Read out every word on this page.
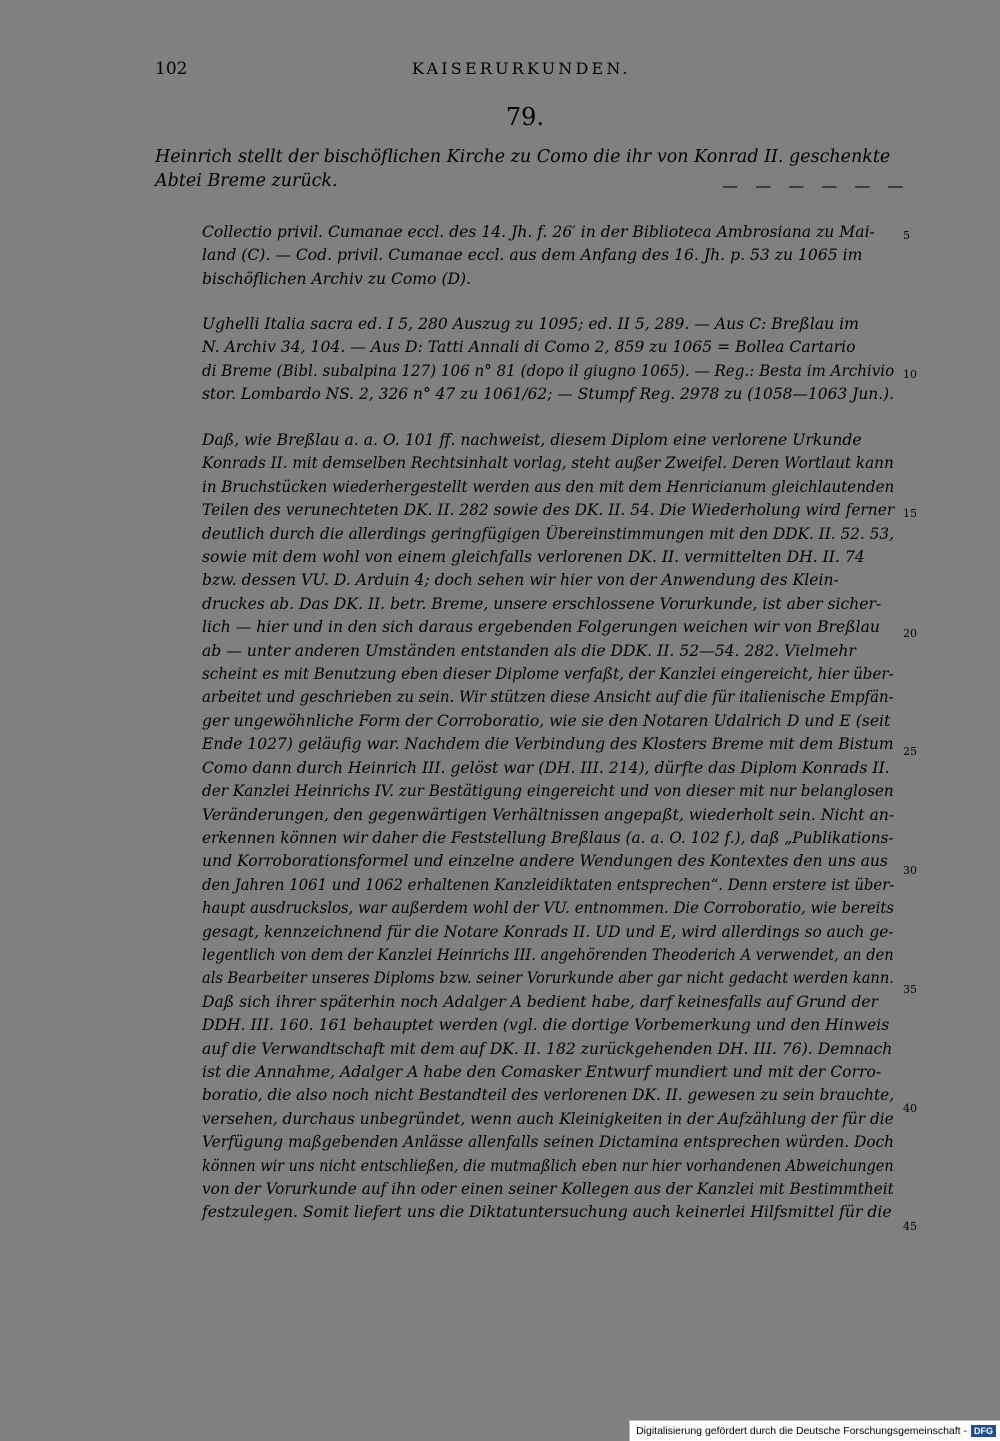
102	KAISERURKUNDEN.
79.
Heinrich stellt der bischöflichen Kirche zu Como die ihr von Konrad II. geschenkte
Abtei Breme zurück.	— — — — — —
Collectio privil. Cumanae eccl. des 14. Jh. f. 26′ in der Biblioteca Ambrosiana zu Mai-
land (C). — Cod. privil. Cumanae eccl. aus dem Anfang des 16. Jh. p. 53 zu 1065 im
bischöflichen Archiv zu Como (D).
Ughelli Italia sacra ed. I 5, 280 Auszug zu 1095; ed. II 5, 289. — Aus C: Breßlau im
N. Archiv 34, 104. — Aus D: Tatti Annali di Como 2, 859 zu 1065 = Bollea Cartario
di Breme (Bibl. subalpina 127) 106 n° 81 (dopo il giugno 1065). — Reg.: Besta im Archivio
stor. Lombardo NS. 2, 326 n° 47 zu 1061/62; — Stumpf Reg. 2978 zu (1058—1063 Jun.).
Daß, wie Breßlau a. a. O. 101 ff. nachweist, diesem Diplom eine verlorene Urkunde
Konrads II. mit demselben Rechtsinhalt vorlag, steht außer Zweifel. Deren Wortlaut kann
in Bruchstücken wiederhergestellt werden aus den mit dem Henricianum gleichlautenden
Teilen des verunechteten DK. II. 282 sowie des DK. II. 54. Die Wiederholung wird ferner
deutlich durch die allerdings geringfügigen Übereinstimmungen mit den DDK. II. 52. 53,
sowie mit dem wohl von einem gleichfalls verlorenen DK. II. vermittelten DH. II. 74
bzw. dessen VU. D. Arduin 4; doch sehen wir hier von der Anwendung des Klein-
druckes ab. Das DK. II. betr. Breme, unsere erschlossene Vorurkunde, ist aber sicher-
lich — hier und in den sich daraus ergebenden Folgerungen weichen wir von Breßlau
ab — unter anderen Umständen entstanden als die DDK. II. 52—54. 282. Vielmehr
scheint es mit Benutzung eben dieser Diplome verfaßt, der Kanzlei eingereicht, hier über-
arbeitet und geschrieben zu sein. Wir stützen diese Ansicht auf die für italienische Empfän-
ger ungewöhnliche Form der Corroboratio, wie sie den Notaren Udalrich D und E (seit
Ende 1027) geläufig war. Nachdem die Verbindung des Klosters Breme mit dem Bistum
Como dann durch Heinrich III. gelöst war (DH. III. 214), dürfte das Diplom Konrads II.
der Kanzlei Heinrichs IV. zur Bestätigung eingereicht und von dieser mit nur belanglosen
Veränderungen, den gegenwärtigen Verhältnissen angepaßt, wiederholt sein. Nicht an-
erkennen können wir daher die Feststellung Breßlaus (a. a. O. 102 f.), daß „Publikations-
und Korroborationsformel und einzelne andere Wendungen des Kontextes den uns aus
den Jahren 1061 und 1062 erhaltenen Kanzleidiktaten entsprechen“. Denn erstere ist über-
haupt ausdruckslos, war außerdem wohl der VU. entnommen. Die Corroboratio, wie bereits
gesagt, kennzeichnend für die Notare Konrads II. UD und E, wird allerdings so auch ge-
legentlich von dem der Kanzlei Heinrichs III. angehörenden Theoderich A verwendet, an den
als Bearbeiter unseres Diploms bzw. seiner Vorurkunde aber gar nicht gedacht werden kann.
Daß sich ihrer späterhin noch Adalger A bedient habe, darf keinesfalls auf Grund der
DDH. III. 160. 161 behauptet werden (vgl. die dortige Vorbemerkung und den Hinweis
auf die Verwandtschaft mit dem auf DK. II. 182 zurückgehenden DH. III. 76). Demnach
ist die Annahme, Adalger A habe den Comasker Entwurf mundiert und mit der Corro-
boratio, die also noch nicht Bestandteil des verlorenen DK. II. gewesen zu sein brauchte,
versehen, durchaus unbegründet, wenn auch Kleinigkeiten in der Aufzählung der für die
Verfügung maßgebenden Anlässe allenfalls seinen Dictamina entsprechen würden. Doch
können wir uns nicht entschließen, die mutmaßlich eben nur hier vorhandenen Abweichungen
von der Vorurkunde auf ihn oder einen seiner Kollegen aus der Kanzlei mit Bestimmtheit
festzulegen. Somit liefert uns die Diktatuntersuchung auch keinerlei Hilfsmittel für die
5
10
15
20
25
30
35
40
45
Digitalisierung gefördert durch die Deutsche Forschungsgemeinschaft - DFG
